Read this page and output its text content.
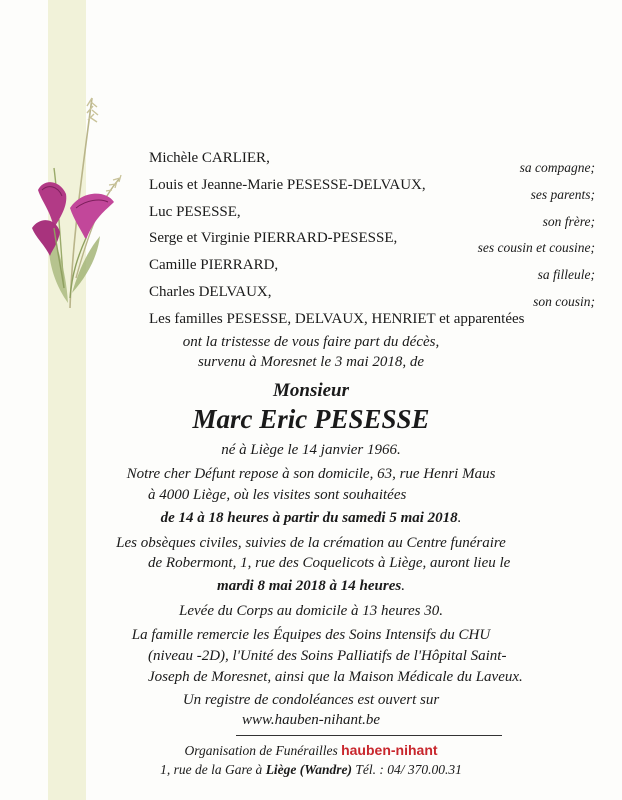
Michèle CARLIER,
sa compagne;
Louis et Jeanne-Marie PESESSE-DELVAUX,
ses parents;
Luc PESESSE,
son frère;
Serge et Virginie PIERRARD-PESESSE,
ses cousin et cousine;
Camille PIERRARD,
sa filleule;
Charles DELVAUX,
son cousin;
Les familles PESESSE, DELVAUX, HENRIET et apparentées
ont la tristesse de vous faire part du décès,
survenu à Moresnet le 3 mai 2018, de
Monsieur
Marc Eric PESESSE
né à Liège le 14 janvier 1966.
Notre cher Défunt repose à son domicile, 63, rue Henri Maus
à 4000 Liège, où les visites sont souhaitées
de 14 à 18 heures à partir du samedi 5 mai 2018.
Les obsèques civiles, suivies de la crémation au Centre funéraire
de Robermont, 1, rue des Coquelicots à Liège, auront lieu le
mardi 8 mai 2018 à 14 heures.
Levée du Corps au domicile à 13 heures 30.
La famille remercie les Équipes des Soins Intensifs du CHU
(niveau -2D), l'Unité des Soins Palliatifs de l'Hôpital Saint-
Joseph de Moresnet, ainsi que la Maison Médicale du Laveux.
Un registre de condoléances est ouvert sur
www.hauben-nihant.be
Organisation de Funérailles hauben-nihant
1, rue de la Gare à Liège (Wandre) Tél. : 04/ 370.00.31
